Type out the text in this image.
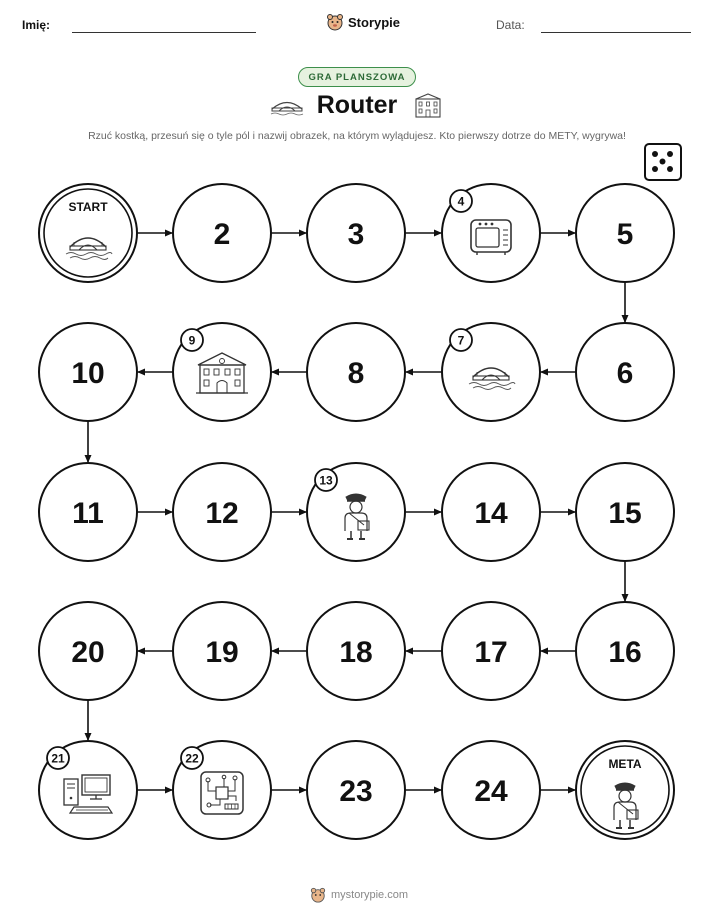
Imię:	Storypie	Data:
GRA PLANSZOWA
Router
Rzuć kostką, przesuń się o tyle pól i nazwij obrazek, na którym wylądujesz. Kto pierwszy dotrze do METY, wygrywa!
START
2	3
4
5
6
7
8
9
10
11	12
13
14	15
16
17
18
19
20
21	22
23	24
META
mystorypie.com
